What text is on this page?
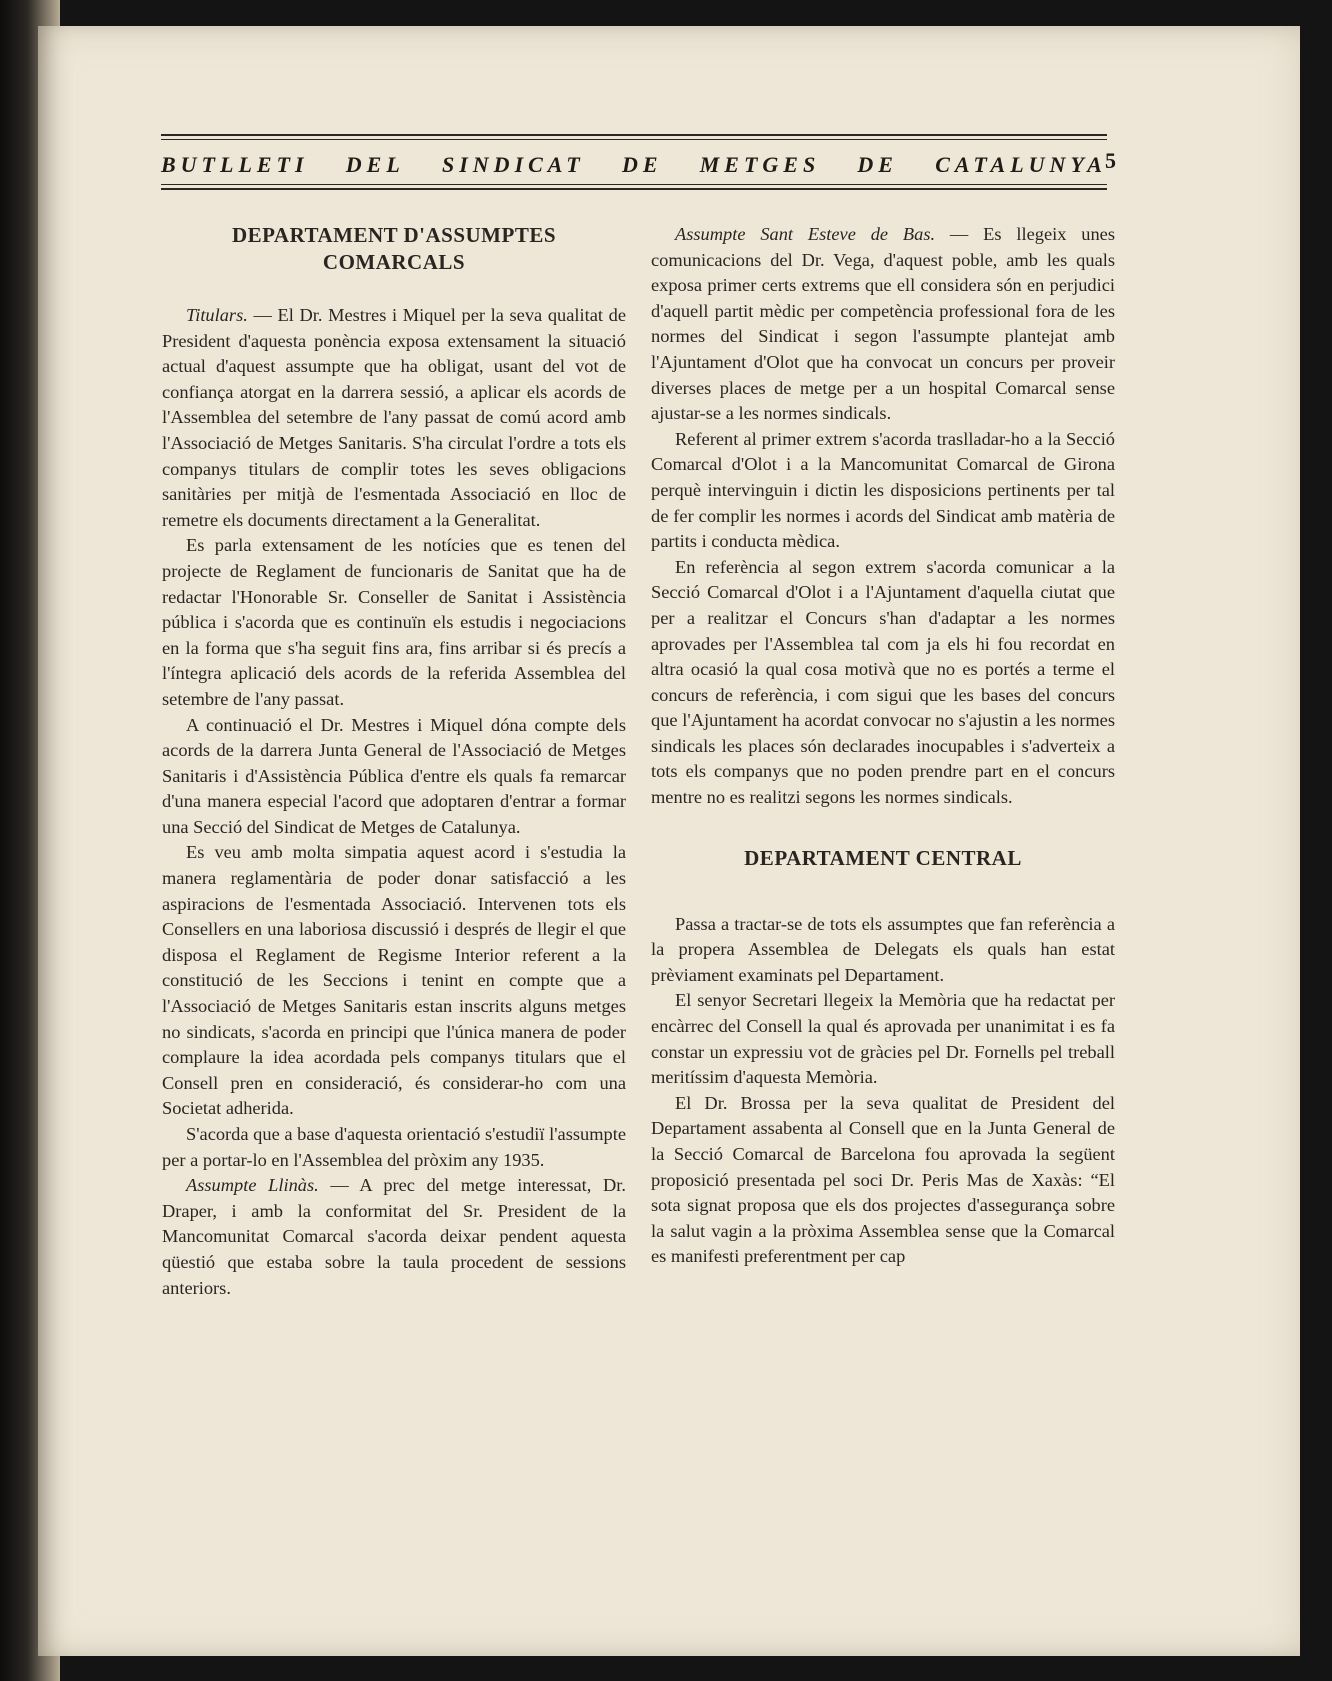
BUTLLETI DEL SINDICAT DE METGES DE CATALUNYA
5
DEPARTAMENT D'ASSUMPTES COMARCALS

Titulars. — El Dr. Mestres i Miquel per la seva qualitat de President d'aquesta ponència exposa extensament la situació actual d'aquest assumpte que ha obligat, usant del vot de confiança atorgat en la darrera sessió, a aplicar els acords de l'Assemblea del setembre de l'any passat de comú acord amb l'Associació de Metges Sanitaris. S'ha circulat l'ordre a tots els companys titulars de complir totes les seves obligacions sanitàries per mitjà de l'esmentada Associació en lloc de remetre els documents directament a la Generalitat.

Es parla extensament de les notícies que es tenen del projecte de Reglament de funcionaris de Sanitat que ha de redactar l'Honorable Sr. Conseller de Sanitat i Assistència pública i s'acorda que es continuïn els estudis i negociacions en la forma que s'ha seguit fins ara, fins arribar si és precís a l'íntegra aplicació dels acords de la referida Assemblea del setembre de l'any passat.

A continuació el Dr. Mestres i Miquel dóna compte dels acords de la darrera Junta General de l'Associació de Metges Sanitaris i d'Assistència Pública d'entre els quals fa remarcar d'una manera especial l'acord que adoptaren d'entrar a formar una Secció del Sindicat de Metges de Catalunya.

Es veu amb molta simpatia aquest acord i s'estudia la manera reglamentària de poder donar satisfacció a les aspiracions de l'esmentada Associació. Intervenen tots els Consellers en una laboriosa discussió i després de llegir el que disposa el Reglament de Regisme Interior referent a la constitució de les Seccions i tenint en compte que a l'Associació de Metges Sanitaris estan inscrits alguns metges no sindicats, s'acorda en principi que l'única manera de poder complaure la idea acordada pels companys titulars que el Consell pren en consideració, és considerar-ho com una Societat adherida.

S'acorda que a base d'aquesta orientació s'estudiï l'assumpte per a portar-lo en l'Assemblea del pròxim any 1935.

Assumpte Llinàs. — A prec del metge interessat, Dr. Draper, i amb la conformitat del Sr. President de la Mancomunitat Comarcal s'acorda deixar pendent aquesta qüestió que estaba sobre la taula procedent de sessions anteriors.

Assumpte Sant Esteve de Bas. — Es llegeix unes comunicacions del Dr. Vega, d'aquest poble, amb les quals exposa primer certs extrems que ell considera són en perjudici d'aquell partit mèdic per competència professional fora de les normes del Sindicat i segon l'assumpte plantejat amb l'Ajuntament d'Olot que ha convocat un concurs per proveir diverses places de metge per a un hospital Comarcal sense ajustar-se a les normes sindicals.

Referent al primer extrem s'acorda traslladar-ho a la Secció Comarcal d'Olot i a la Mancomunitat Comarcal de Girona perquè intervinguin i dictin les disposicions pertinents per tal de fer complir les normes i acords del Sindicat amb matèria de partits i conducta mèdica.

En referència al segon extrem s'acorda comunicar a la Secció Comarcal d'Olot i a l'Ajuntament d'aquella ciutat que per a realitzar el Concurs s'han d'adaptar a les normes aprovades per l'Assemblea tal com ja els hi fou recordat en altra ocasió la qual cosa motivà que no es portés a terme el concurs de referència, i com sigui que les bases del concurs que l'Ajuntament ha acordat convocar no s'ajustin a les normes sindicals les places són declarades inocupables i s'adverteix a tots els companys que no poden prendre part en el concurs mentre no es realitzi segons les normes sindicals.

DEPARTAMENT CENTRAL

Passa a tractar-se de tots els assumptes que fan referència a la propera Assemblea de Delegats els quals han estat prèviament examinats pel Departament.

El senyor Secretari llegeix la Memòria que ha redactat per encàrrec del Consell la qual és aprovada per unanimitat i es fa constar un expressiu vot de gràcies pel Dr. Fornells pel treball meritíssim d'aquesta Memòria.

El Dr. Brossa per la seva qualitat de President del Departament assabenta al Consell que en la Junta General de la Secció Comarcal de Barcelona fou aprovada la següent proposició presentada pel soci Dr. Peris Mas de Xaxàs: “El sota signat proposa que els dos projectes d'assegurança sobre la salut vagin a la pròxima Assemblea sense que la Comarcal es manifesti preferentment per cap
